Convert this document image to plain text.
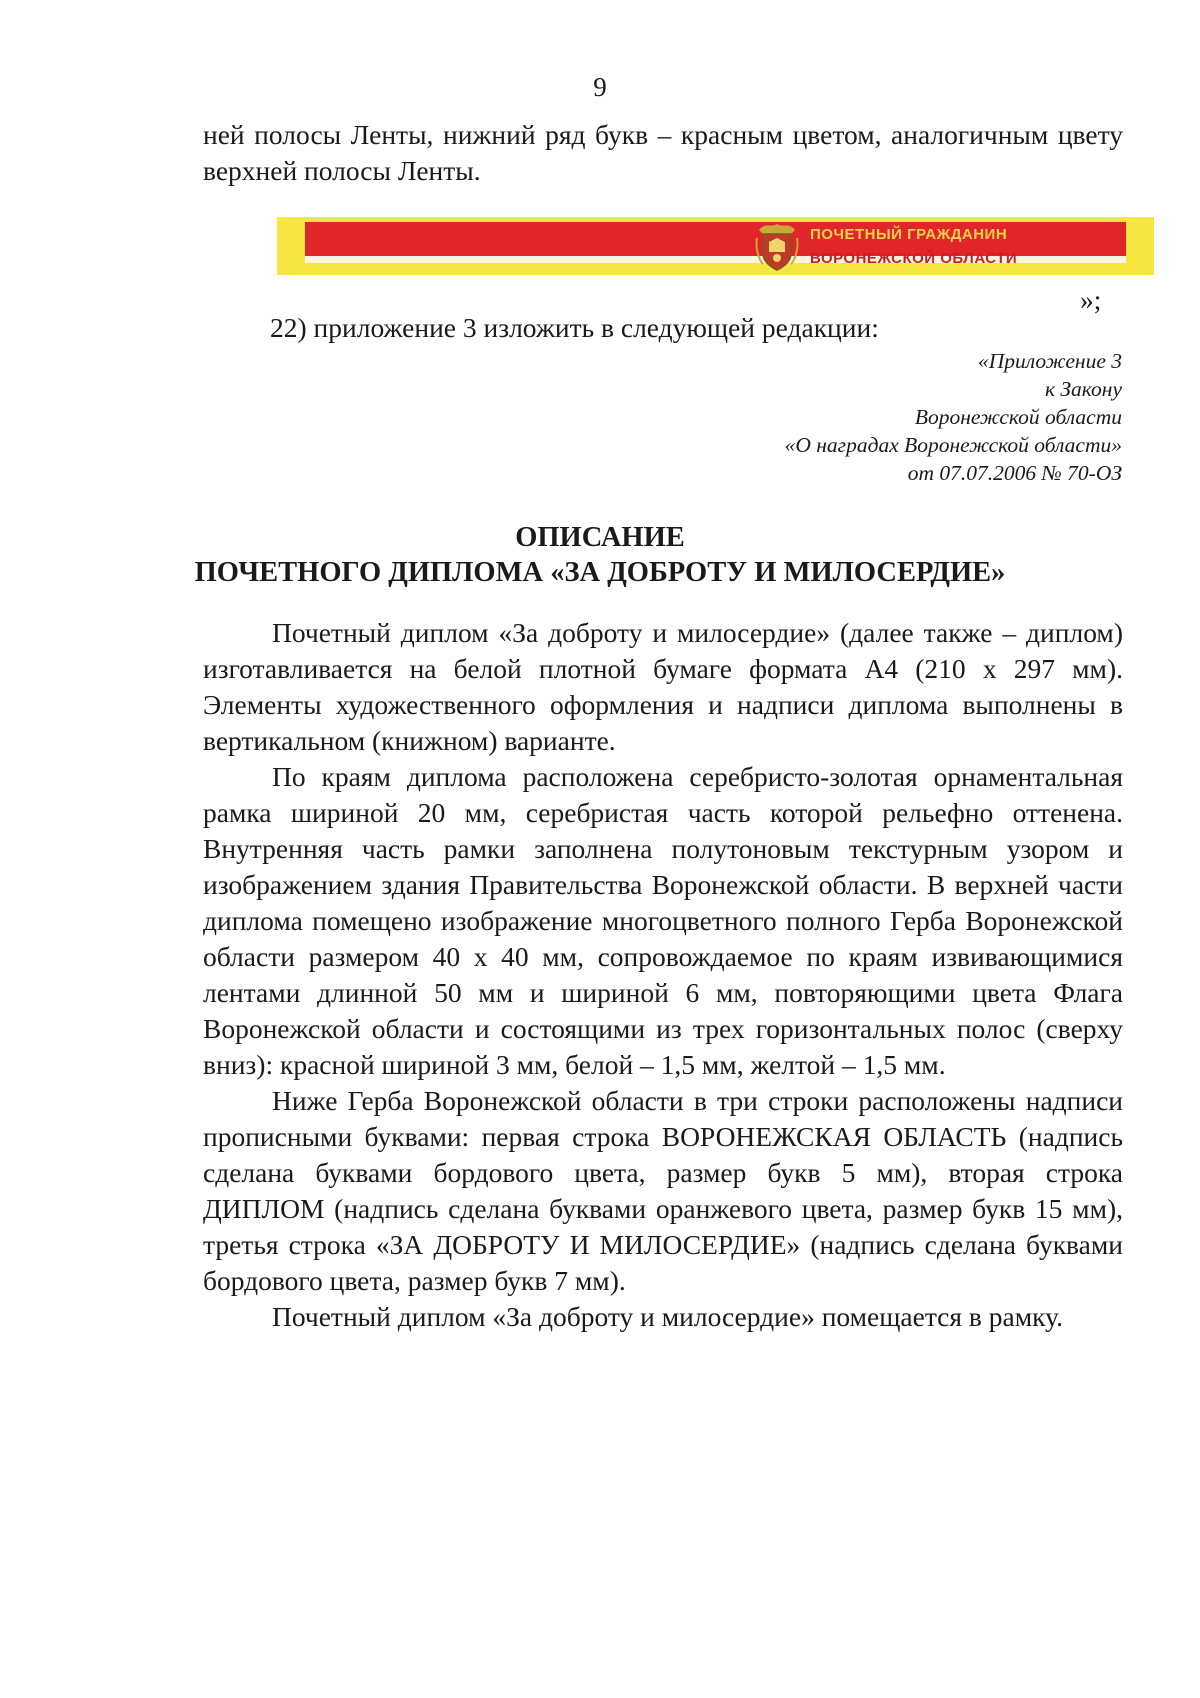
9
ней полосы Ленты, нижний ряд букв – красным цветом, аналогичным цвету верхней полосы Ленты.
ПОЧЕТНЫЙ ГРАЖДАНИН
ВОРОНЕЖСКОЙ ОБЛАСТИ
»;
22) приложение 3 изложить в следующей редакции:
«Приложение 3
к Закону
Воронежской области
«О наградах Воронежской области»
от 07.07.2006 № 70-ОЗ
ОПИСАНИЕ
ПОЧЕТНОГО ДИПЛОМА «ЗА ДОБРОТУ И МИЛОСЕРДИЕ»

Почетный диплом «За доброту и милосердие» (далее также – диплом) изготавливается на белой плотной бумаге формата А4 (210 х 297 мм). Элементы художественного оформления и надписи диплома выполнены в вертикальном (книжном) варианте.

По краям диплома расположена серебристо-золотая орнаментальная рамка шириной 20 мм, серебристая часть которой рельефно оттенена. Внутренняя часть рамки заполнена полутоновым текстурным узором и изображением здания Правительства Воронежской области. В верхней части диплома помещено изображение многоцветного полного Герба Воронежской области размером 40 х 40 мм, сопровождаемое по краям извивающимися лентами длинной 50 мм и шириной 6 мм, повторяющими цвета Флага Воронежской области и состоящими из трех горизонтальных полос (сверху вниз): красной шириной 3 мм, белой – 1,5 мм, желтой – 1,5 мм.

Ниже Герба Воронежской области в три строки расположены надписи прописными буквами: первая строка ВОРОНЕЖСКАЯ ОБЛАСТЬ (надпись сделана буквами бордового цвета, размер букв 5 мм), вторая строка ДИПЛОМ (надпись сделана буквами оранжевого цвета, размер букв 15 мм), третья строка «ЗА ДОБРОТУ И МИЛОСЕРДИЕ» (надпись сделана буквами бордового цвета, размер букв 7 мм).

Почетный диплом «За доброту и милосердие» помещается в рамку.
